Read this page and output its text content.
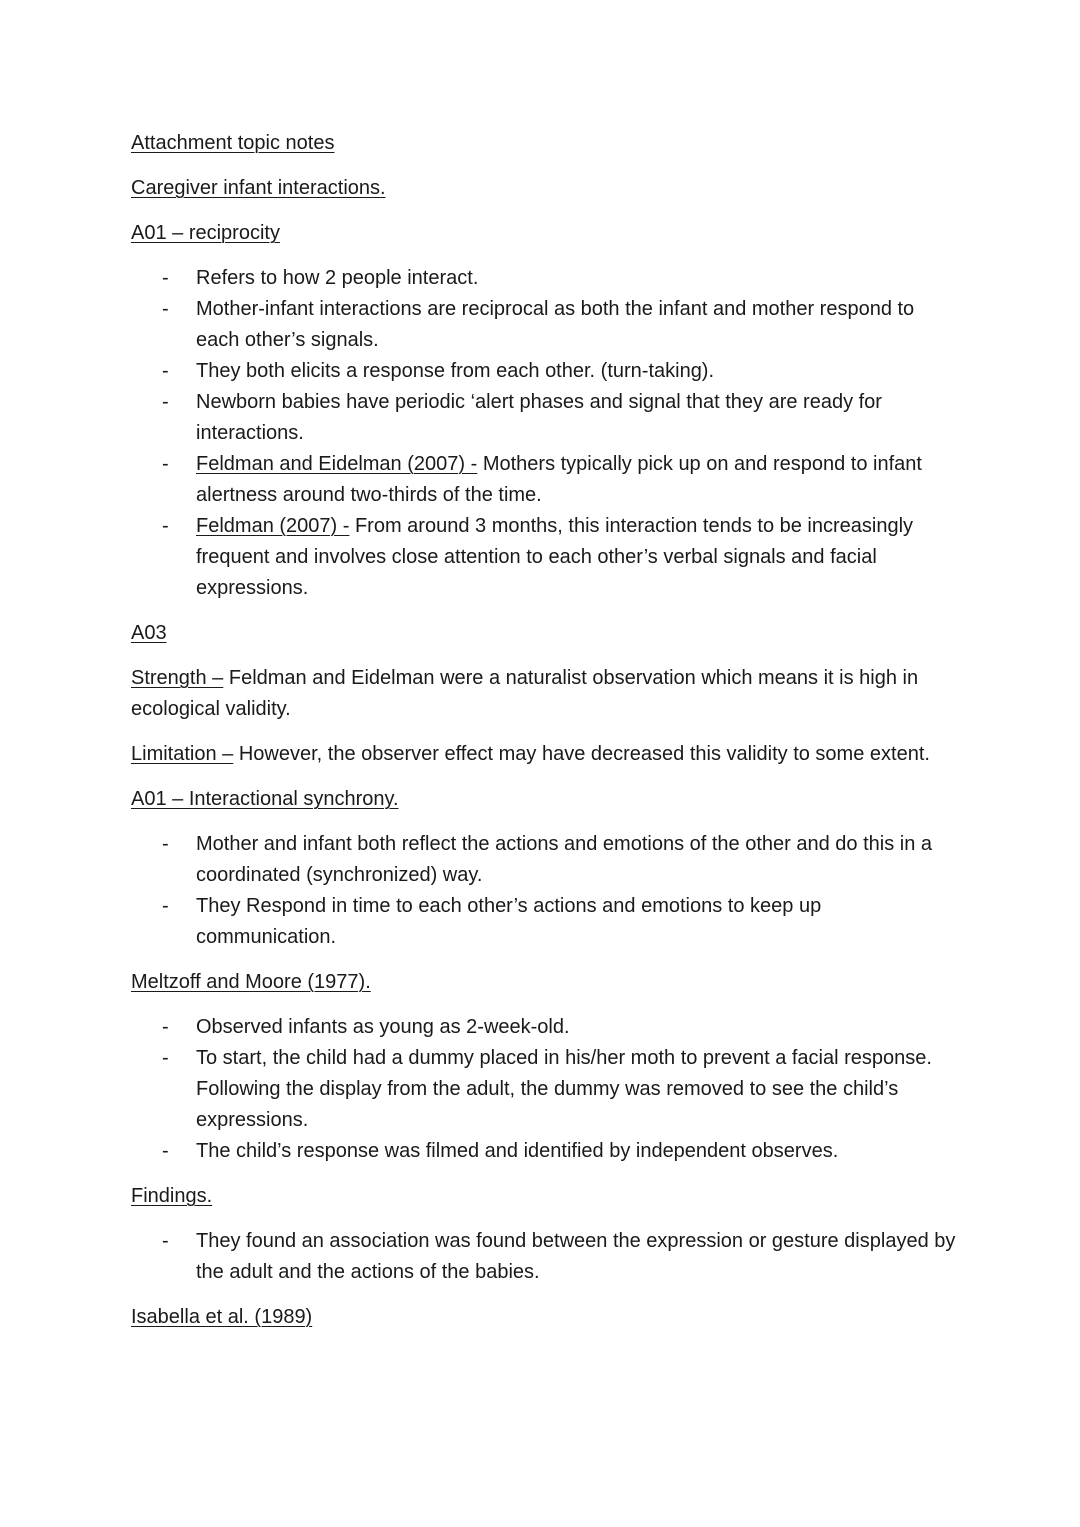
Attachment topic notes

Caregiver infant interactions.

A01 – reciprocity

- Refers to how 2 people interact.
- Mother-infant interactions are reciprocal as both the infant and mother respond to each other’s signals.
- They both elicits a response from each other. (turn-taking).
- Newborn babies have periodic ‘alert phases and signal that they are ready for interactions.
- Feldman and Eidelman (2007) - Mothers typically pick up on and respond to infant alertness around two-thirds of the time.
- Feldman (2007) - From around 3 months, this interaction tends to be increasingly frequent and involves close attention to each other’s verbal signals and facial expressions.

A03

Strength – Feldman and Eidelman were a naturalist observation which means it is high in ecological validity.

Limitation – However, the observer effect may have decreased this validity to some extent.

A01 – Interactional synchrony.

- Mother and infant both reflect the actions and emotions of the other and do this in a coordinated (synchronized) way.
- They Respond in time to each other’s actions and emotions to keep up communication.

Meltzoff and Moore (1977).

- Observed infants as young as 2-week-old.
- To start, the child had a dummy placed in his/her moth to prevent a facial response. Following the display from the adult, the dummy was removed to see the child’s expressions.
- The child’s response was filmed and identified by independent observes.

Findings.

- They found an association was found between the expression or gesture displayed by the adult and the actions of the babies.

Isabella et al. (1989)
